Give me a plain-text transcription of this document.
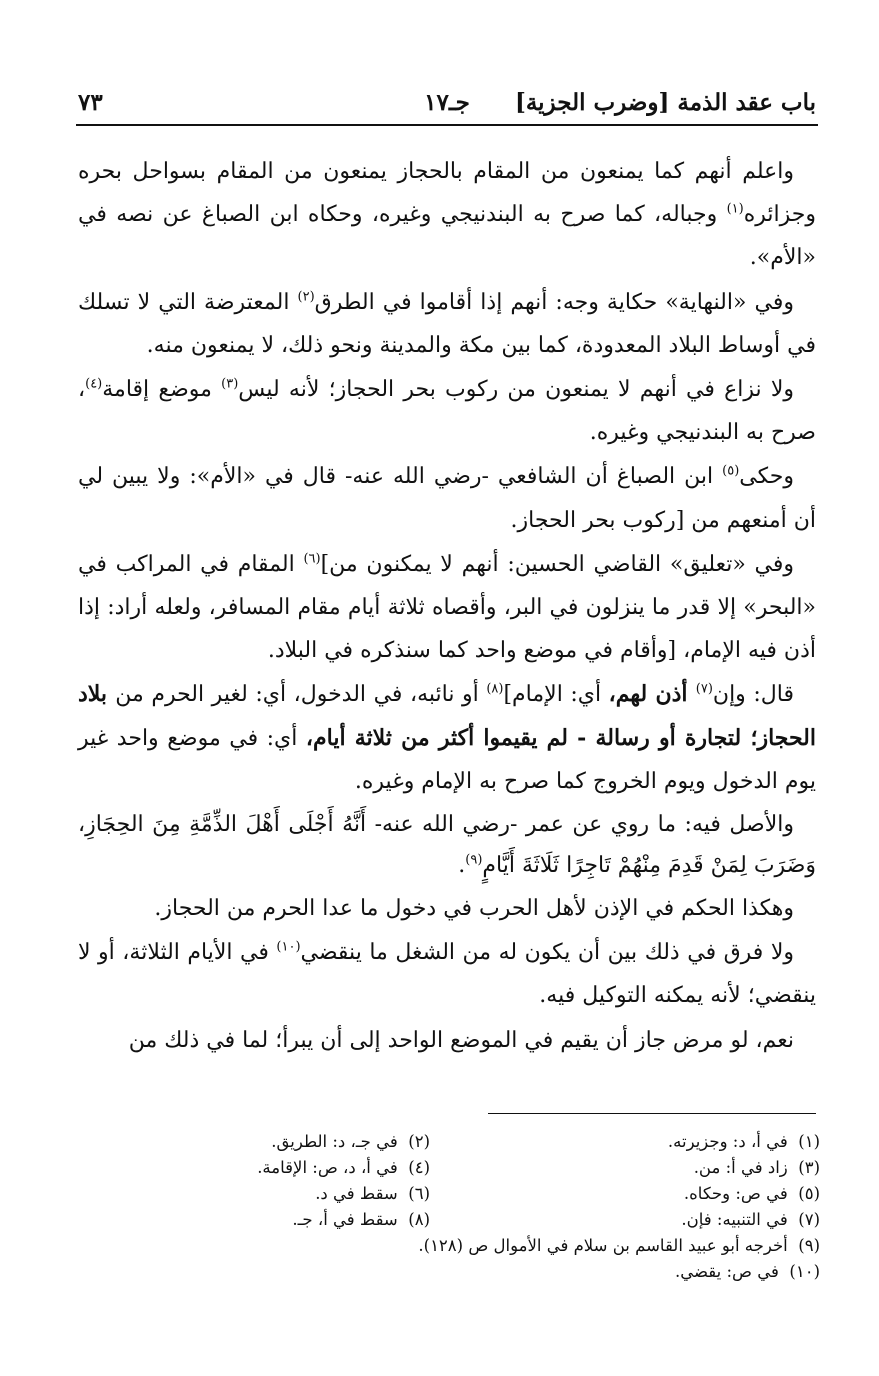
باب عقد الذمة [وضرب الجزية]
جـ١٧
٧٣

واعلم أنهم كما يمنعون من المقام بالحجاز يمنعون من المقام بسواحل بحره وجزائره$^{(١)}$ وجباله، كما صرح به البندنيجي وغيره، وحكاه ابن الصباغ عن نصه في «الأم».

وفي «النهاية» حكاية وجه: أنهم إذا أقاموا في الطرق$^{(٢)}$ المعترضة التي لا تسلك في أوساط البلاد المعدودة، كما بين مكة والمدينة ونحو ذلك، لا يمنعون منه.

ولا نزاع في أنهم لا يمنعون من ركوب بحر الحجاز؛ لأنه ليس$^{(٣)}$ موضع إقامة$^{(٤)}$، صرح به البندنيجي وغيره.

وحكى$^{(٥)}$ ابن الصباغ أن الشافعي -رضي الله عنه- قال في «الأم»: ولا يبين لي أن أمنعهم من [ركوب بحر الحجاز.

وفي «تعليق» القاضي الحسين: أنهم لا يمكنون من]$^{(٦)}$ المقام في المراكب في «البحر» إلا قدر ما ينزلون في البر، وأقصاه ثلاثة أيام مقام المسافر، ولعله أراد: إذا أذن فيه الإمام، [وأقام في موضع واحد كما سنذكره في البلاد.

قال: وإن$^{(٧)}$ أذن لهم، أي: الإمام]$^{(٨)}$ أو نائبه، في الدخول، أي: لغير الحرم من بلاد الحجاز؛ لتجارة أو رسالة - لم يقيموا أكثر من ثلاثة أيام، أي: في موضع واحد غير يوم الدخول ويوم الخروج كما صرح به الإمام وغيره.

والأصل فيه: ما روي عن عمر -رضي الله عنه- أَنَّهُ أَجْلَى أَهْلَ الذِّمَّةِ مِنَ الحِجَازِ، وَضَرَبَ لِمَنْ قَدِمَ مِنْهُمْ تَاجِرًا ثَلَاثَةَ أَيَّامٍ$^{(٩)}$.

وهكذا الحكم في الإذن لأهل الحرب في دخول ما عدا الحرم من الحجاز.

ولا فرق في ذلك بين أن يكون له من الشغل ما ينقضي$^{(١٠)}$ في الأيام الثلاثة، أو لا ينقضي؛ لأنه يمكنه التوكيل فيه.

نعم، لو مرض جاز أن يقيم في الموضع الواحد إلى أن يبرأ؛ لما في ذلك من

(١)  في أ، د: وجزيرته.
(٢)  في جـ، د: الطريق.
(٣)  زاد في أ: من.
(٤)  في أ، د، ص: الإقامة.
(٥)  في ص: وحكاه.
(٦)  سقط في د.
(٧)  في التنبيه: فإن.
(٨)  سقط في أ، جـ.
(٩)  أخرجه أبو عبيد القاسم بن سلام في الأموال ص (١٢٨).
(١٠)  في ص: يقضي.
